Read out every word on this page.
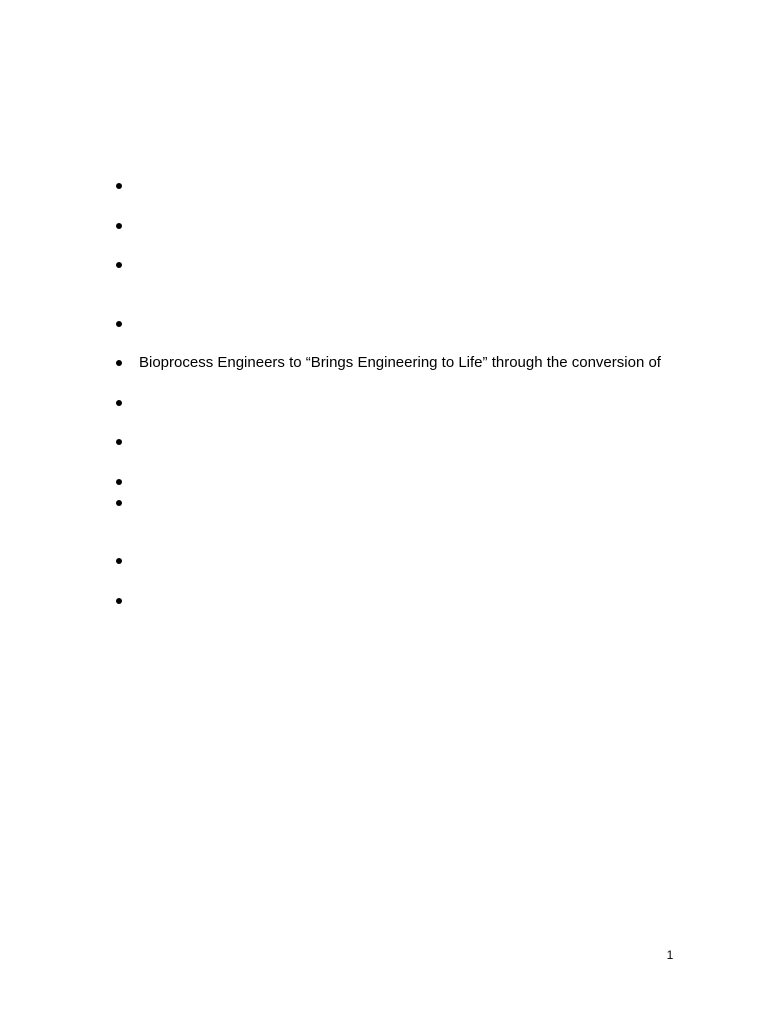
Bioprocess Engineers to “Brings Engineering to Life” through the conversion of
1
